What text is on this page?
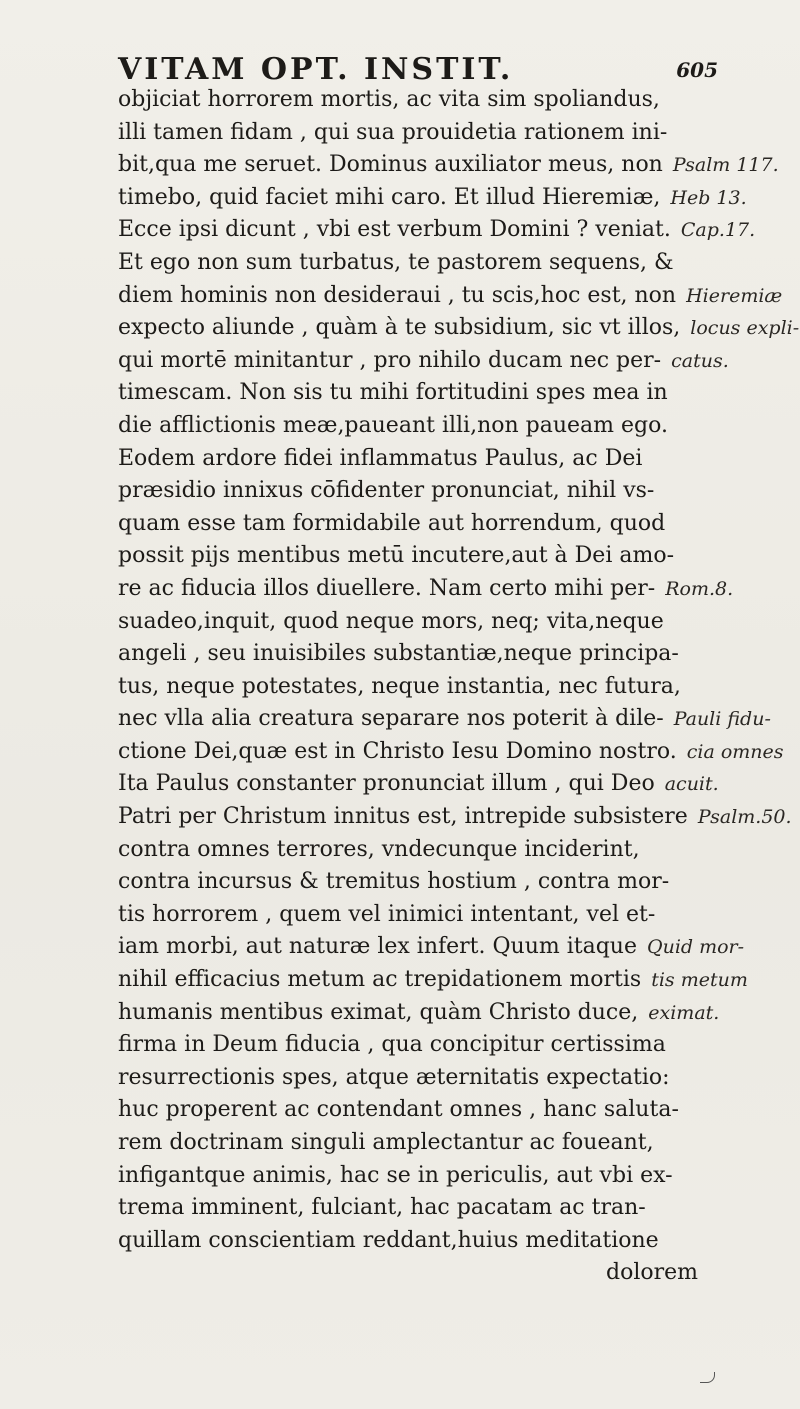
VITAM OPT. INSTIT.	605
objiciat horrorem mortis, ac vita sim spoliandus,
illi tamen fidam , qui sua prouidetia rationem ini-
bit,qua me seruet. Dominus auxiliator meus, non Psalm 117.
timebo, quid faciet mihi caro. Et illud Hieremiæ, Heb 13.
Ecce ipsi dicunt , vbi est verbum Domini ? veniat. Cap.17.
Et ego non sum turbatus, te pastorem sequens, &
diem hominis non desideraui , tu scis,hoc est, non Hieremiæ
expecto aliunde , quàm à te subsidium, sic vt illos, locus expli-
qui mortē minitantur , pro nihilo ducam nec per- catus.
timescam. Non sis tu mihi fortitudini spes mea in
die afflictionis meæ,paueant illi,non paueam ego.
Eodem ardore fidei inflammatus Paulus, ac Dei
præsidio innixus cōfidenter pronunciat, nihil vs-
quam esse tam formidabile aut horrendum, quod
possit pijs mentibus metū incutere,aut à Dei amo-
re ac fiducia illos diuellere. Nam certo mihi per- Rom.8.
suadeo,inquit, quod neque mors, neq; vita,neque
angeli , seu inuisibiles substantiæ,neque principa-
tus, neque potestates, neque instantia, nec futura,
nec vlla alia creatura separare nos poterit à dile- Pauli fidu-
ctione Dei,quæ est in Christo Iesu Domino nostro. cia omnes
Ita Paulus constanter pronunciat illum , qui Deo acuit.
Patri per Christum innitus est, intrepide subsistere Psalm.50.
contra omnes terrores, vndecunque inciderint,
contra incursus & tremitus hostium , contra mor-
tis horrorem , quem vel inimici intentant, vel et-
iam morbi, aut naturæ lex infert. Quum itaque Quid mor-
nihil efficacius metum ac trepidationem mortis tis metum
humanis mentibus eximat, quàm Christo duce, eximat.
firma in Deum fiducia , qua concipitur certissima
resurrectionis spes, atque æternitatis expectatio:
huc properent ac contendant omnes , hanc saluta-
rem doctrinam singuli amplectantur ac foueant,
infigantque animis, hac se in periculis, aut vbi ex-
trema imminent, fulciant, hac pacatam ac tran-
quillam conscientiam reddant,huius meditatione
dolorem
